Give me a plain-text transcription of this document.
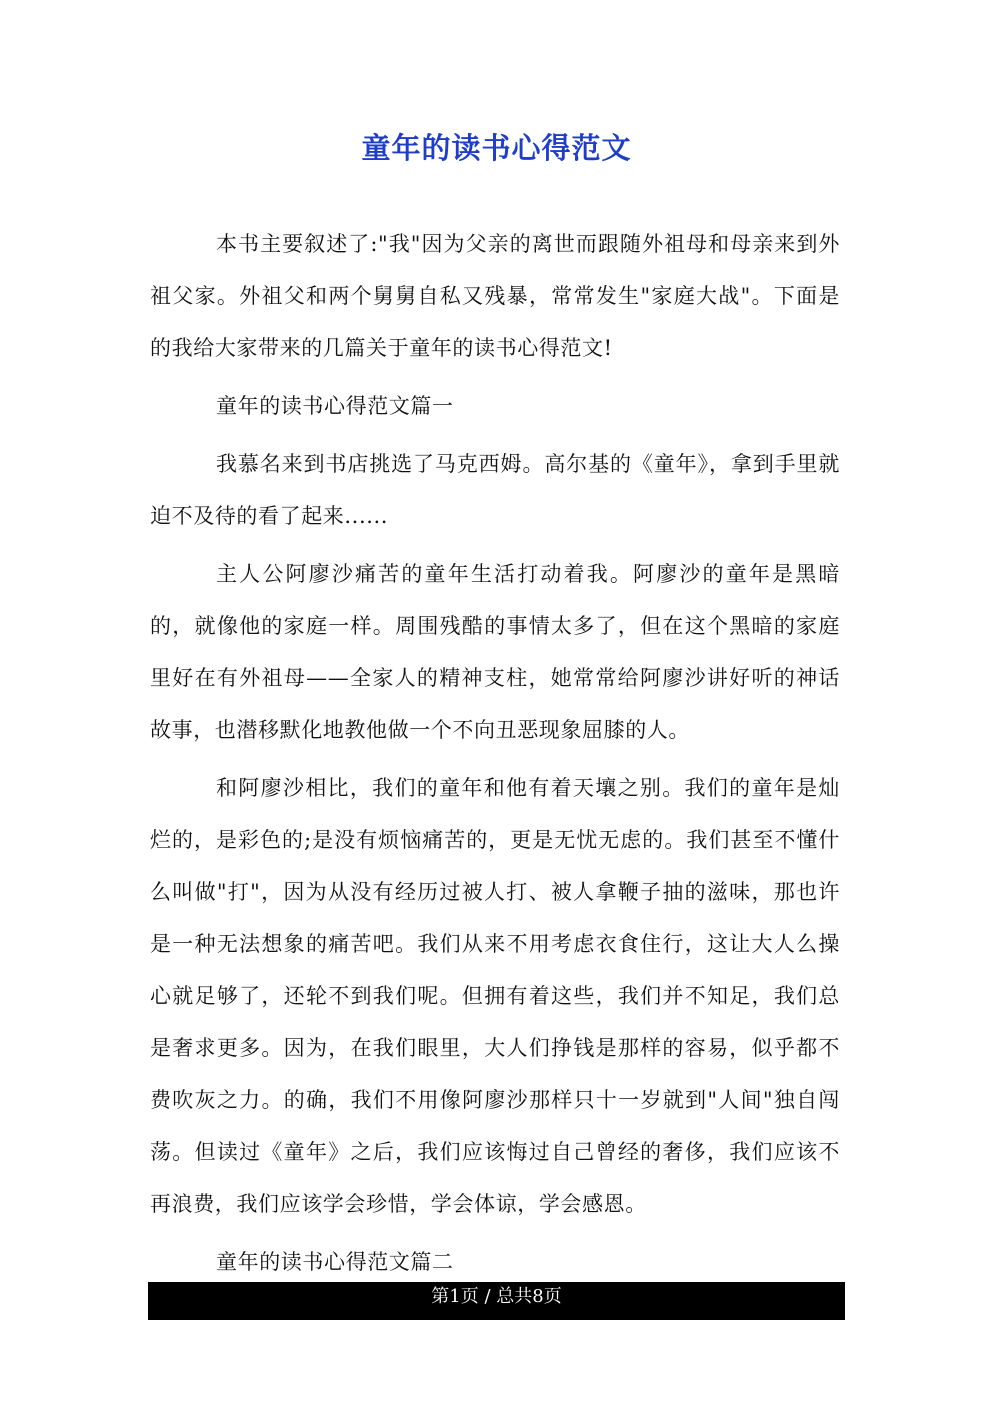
童年的读书心得范文

本书主要叙述了:"我"因为父亲的离世而跟随外祖母和母亲来到外祖父家。外祖父和两个舅舅自私又残暴，常常发生"家庭大战"。下面是的我给大家带来的几篇关于童年的读书心得范文!

童年的读书心得范文篇一

我慕名来到书店挑选了马克西姆。高尔基的《童年》，拿到手里就迫不及待的看了起来......

主人公阿廖沙痛苦的童年生活打动着我。阿廖沙的童年是黑暗的，就像他的家庭一样。周围残酷的事情太多了，但在这个黑暗的家庭里好在有外祖母——全家人的精神支柱，她常常给阿廖沙讲好听的神话故事，也潜移默化地教他做一个不向丑恶现象屈膝的人。

和阿廖沙相比，我们的童年和他有着天壤之别。我们的童年是灿烂的，是彩色的;是没有烦恼痛苦的，更是无忧无虑的。我们甚至不懂什么叫做"打"，因为从没有经历过被人打、被人拿鞭子抽的滋味，那也许是一种无法想象的痛苦吧。我们从来不用考虑衣食住行，这让大人么操心就足够了，还轮不到我们呢。但拥有着这些，我们并不知足，我们总是奢求更多。因为，在我们眼里，大人们挣钱是那样的容易，似乎都不费吹灰之力。的确，我们不用像阿廖沙那样只十一岁就到"人间"独自闯荡。但读过《童年》之后，我们应该悔过自己曾经的奢侈，我们应该不再浪费，我们应该学会珍惜，学会体谅，学会感恩。

童年的读书心得范文篇二

第1页 / 总共8页
